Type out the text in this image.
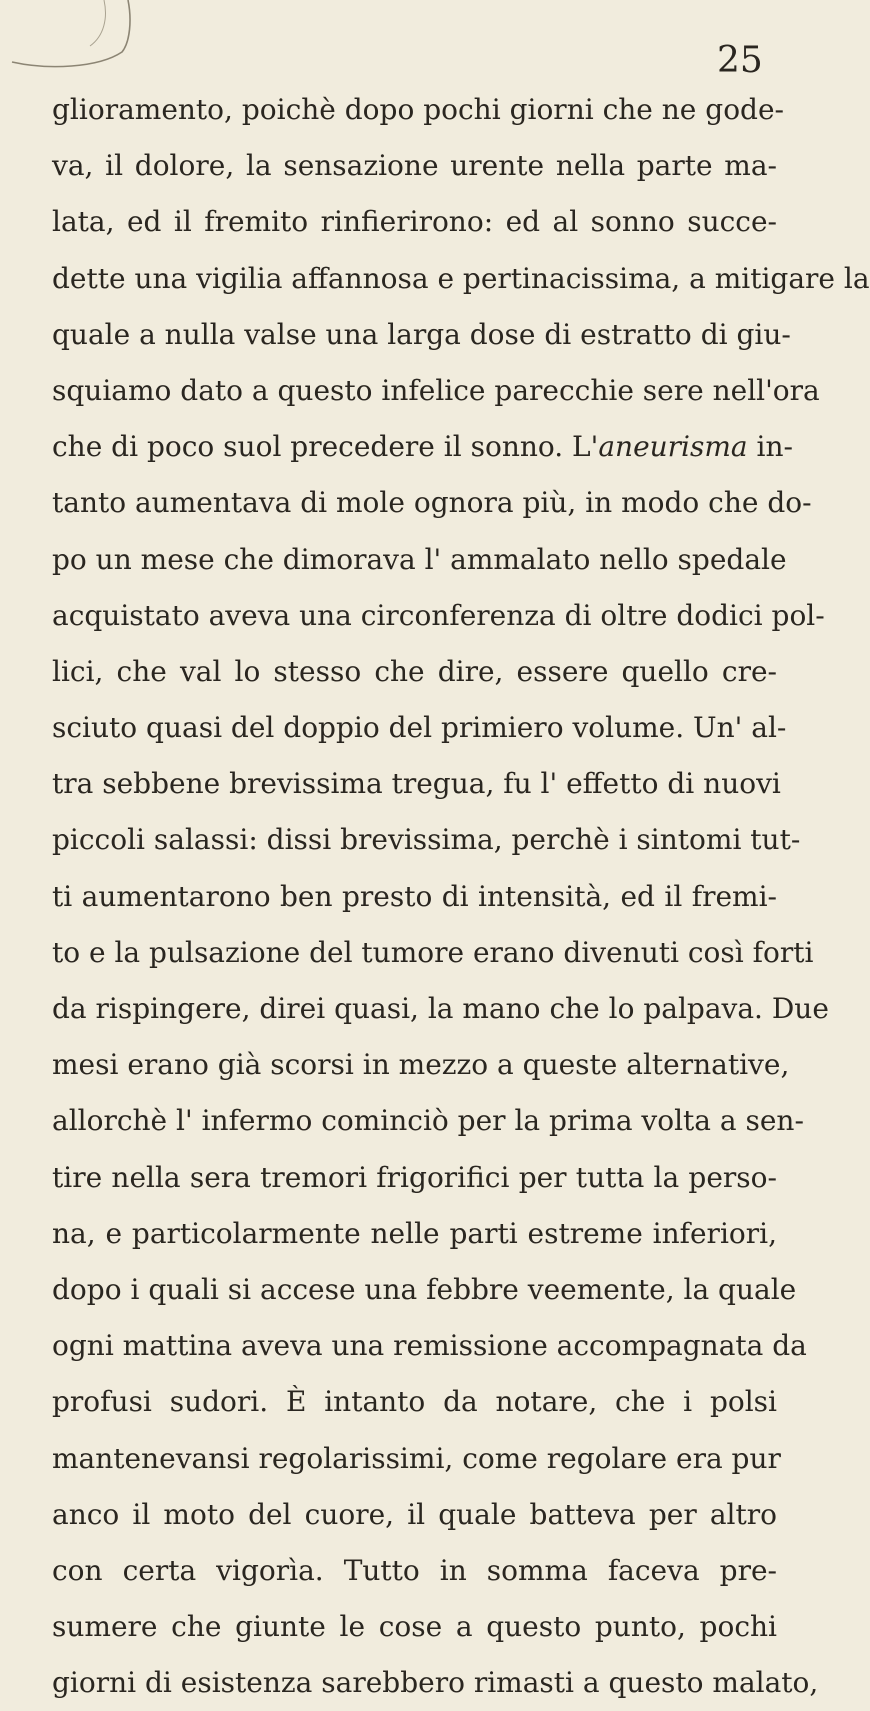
25
glioramento, poichè dopo pochi giorni che ne gode-
va, il dolore, la sensazione urente nella parte ma-
lata, ed il fremito rinfierirono: ed al sonno succe-
dette una vigilia affannosa e pertinacissima, a mitigare la
quale a nulla valse una larga dose di estratto di giu-
squiamo dato a questo infelice parecchie sere nell'ora
che di poco suol precedere il sonno. L'aneurisma in-
tanto aumentava di mole ognora più, in modo che do-
po un mese che dimorava l' ammalato nello spedale
acquistato aveva una circonferenza di oltre dodici pol-
lici, che val lo stesso che dire, essere quello cre-
sciuto quasi del doppio del primiero volume. Un' al-
tra sebbene brevissima tregua, fu l' effetto di nuovi
piccoli salassi: dissi brevissima, perchè i sintomi tut-
ti aumentarono ben presto di intensità, ed il fremi-
to e la pulsazione del tumore erano divenuti così forti
da rispingere, direi quasi, la mano che lo palpava. Due
mesi erano già scorsi in mezzo a queste alternative,
allorchè l' infermo cominciò per la prima volta a sen-
tire nella sera tremori frigorifici per tutta la perso-
na, e particolarmente nelle parti estreme inferiori,
dopo i quali si accese una febbre veemente, la quale
ogni mattina aveva una remissione accompagnata da
profusi sudori. È intanto da notare, che i polsi
mantenevansi regolarissimi, come regolare era pur
anco il moto del cuore, il quale batteva per altro
con certa vigorìa. Tutto in somma faceva pre-
sumere che giunte le cose a questo punto, pochi
giorni di esistenza sarebbero rimasti a questo malato,
